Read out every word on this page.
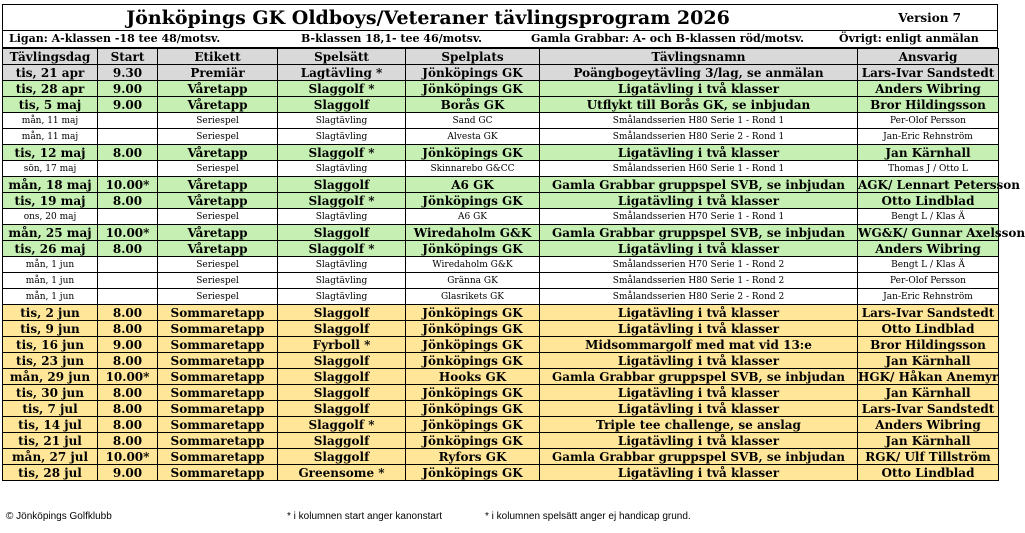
Jönköpings GK Oldboys/Veteraner tävlingsprogram 2026	Version 7
Ligan: A-klassen -18 tee 48/motsv.	B-klassen 18,1- tee 46/motsv.	Gamla Grabbar: A- och B-klassen röd/motsv.	Övrigt: enligt anmälan
Tävlingsdag	Start	Etikett	Spelsätt	Spelplats	Tävlingsnamn	Ansvarig
tis, 21 apr	9.30	Premiär	Lagtävling *	Jönköpings GK	Poängbogeytävling 3/lag, se anmälan	Lars-Ivar Sandstedt
tis, 28 apr	9.00	Våretapp	Slaggolf *	Jönköpings GK	Ligatävling i två klasser	Anders Wibring
tis, 5 maj	9.00	Våretapp	Slaggolf	Borås GK	Utflykt till Borås GK, se inbjudan	Bror Hildingsson
mån, 11 maj		Seriespel	Slagtävling	Sand GC	Smålandsserien H80 Serie 1 - Rond 1	Per-Olof Persson
mån, 11 maj		Seriespel	Slagtävling	Alvesta GK	Smålandsserien H80 Serie 2 - Rond 1	Jan-Eric Rehnström
tis, 12 maj	8.00	Våretapp	Slaggolf *	Jönköpings GK	Ligatävling i två klasser	Jan Kärnhall
sön, 17 maj		Seriespel	Slagtävling	Skinnarebo G&CC	Smålandsserien H60 Serie 1 - Rond 1	Thomas J / Otto L
mån, 18 maj	10.00*	Våretapp	Slaggolf	A6 GK	Gamla Grabbar gruppspel SVB, se inbjudan	AGK/ Lennart Petersson
tis, 19 maj	8.00	Våretapp	Slaggolf *	Jönköpings GK	Ligatävling i två klasser	Otto Lindblad
ons, 20 maj		Seriespel	Slagtävling	A6 GK	Smålandsserien H70 Serie 1 - Rond 1	Bengt L / Klas Ä
mån, 25 maj	10.00*	Våretapp	Slaggolf	Wiredaholm G&K	Gamla Grabbar gruppspel SVB, se inbjudan	WG&K/ Gunnar Axelsson
tis, 26 maj	8.00	Våretapp	Slaggolf *	Jönköpings GK	Ligatävling i två klasser	Anders Wibring
mån, 1 jun		Seriespel	Slagtävling	Wiredaholm G&K	Smålandsserien H70 Serie 1 - Rond 2	Bengt L / Klas Ä
mån, 1 jun		Seriespel	Slagtävling	Gränna GK	Smålandsserien H80 Serie 1 - Rond 2	Per-Olof Persson
mån, 1 jun		Seriespel	Slagtävling	Glasrikets GK	Smålandsserien H80 Serie 2 - Rond 2	Jan-Eric Rehnström
tis, 2 jun	8.00	Sommaretapp	Slaggolf	Jönköpings GK	Ligatävling i två klasser	Lars-Ivar Sandstedt
tis, 9 jun	8.00	Sommaretapp	Slaggolf	Jönköpings GK	Ligatävling i två klasser	Otto Lindblad
tis, 16 jun	9.00	Sommaretapp	Fyrboll *	Jönköpings GK	Midsommargolf med mat vid 13:e	Bror Hildingsson
tis, 23 jun	8.00	Sommaretapp	Slaggolf	Jönköpings GK	Ligatävling i två klasser	Jan Kärnhall
mån, 29 jun	10.00*	Sommaretapp	Slaggolf	Hooks GK	Gamla Grabbar gruppspel SVB, se inbjudan	HGK/ Håkan Anemyr
tis, 30 jun	8.00	Sommaretapp	Slaggolf	Jönköpings GK	Ligatävling i två klasser	Jan Kärnhall
tis, 7 jul	8.00	Sommaretapp	Slaggolf	Jönköpings GK	Ligatävling i två klasser	Lars-Ivar Sandstedt
tis, 14 jul	8.00	Sommaretapp	Slaggolf *	Jönköpings GK	Triple tee challenge, se anslag	Anders Wibring
tis, 21 jul	8.00	Sommaretapp	Slaggolf	Jönköpings GK	Ligatävling i två klasser	Jan Kärnhall
mån, 27 jul	10.00*	Sommaretapp	Slaggolf	Ryfors GK	Gamla Grabbar gruppspel SVB, se inbjudan	RGK/ Ulf Tillström
tis, 28 jul	9.00	Sommaretapp	Greensome *	Jönköpings GK	Ligatävling i två klasser	Otto Lindblad
© Jönköpings Golfklubb	* i kolumnen start anger kanonstart	* i kolumnen spelsätt anger ej handicap grund.
